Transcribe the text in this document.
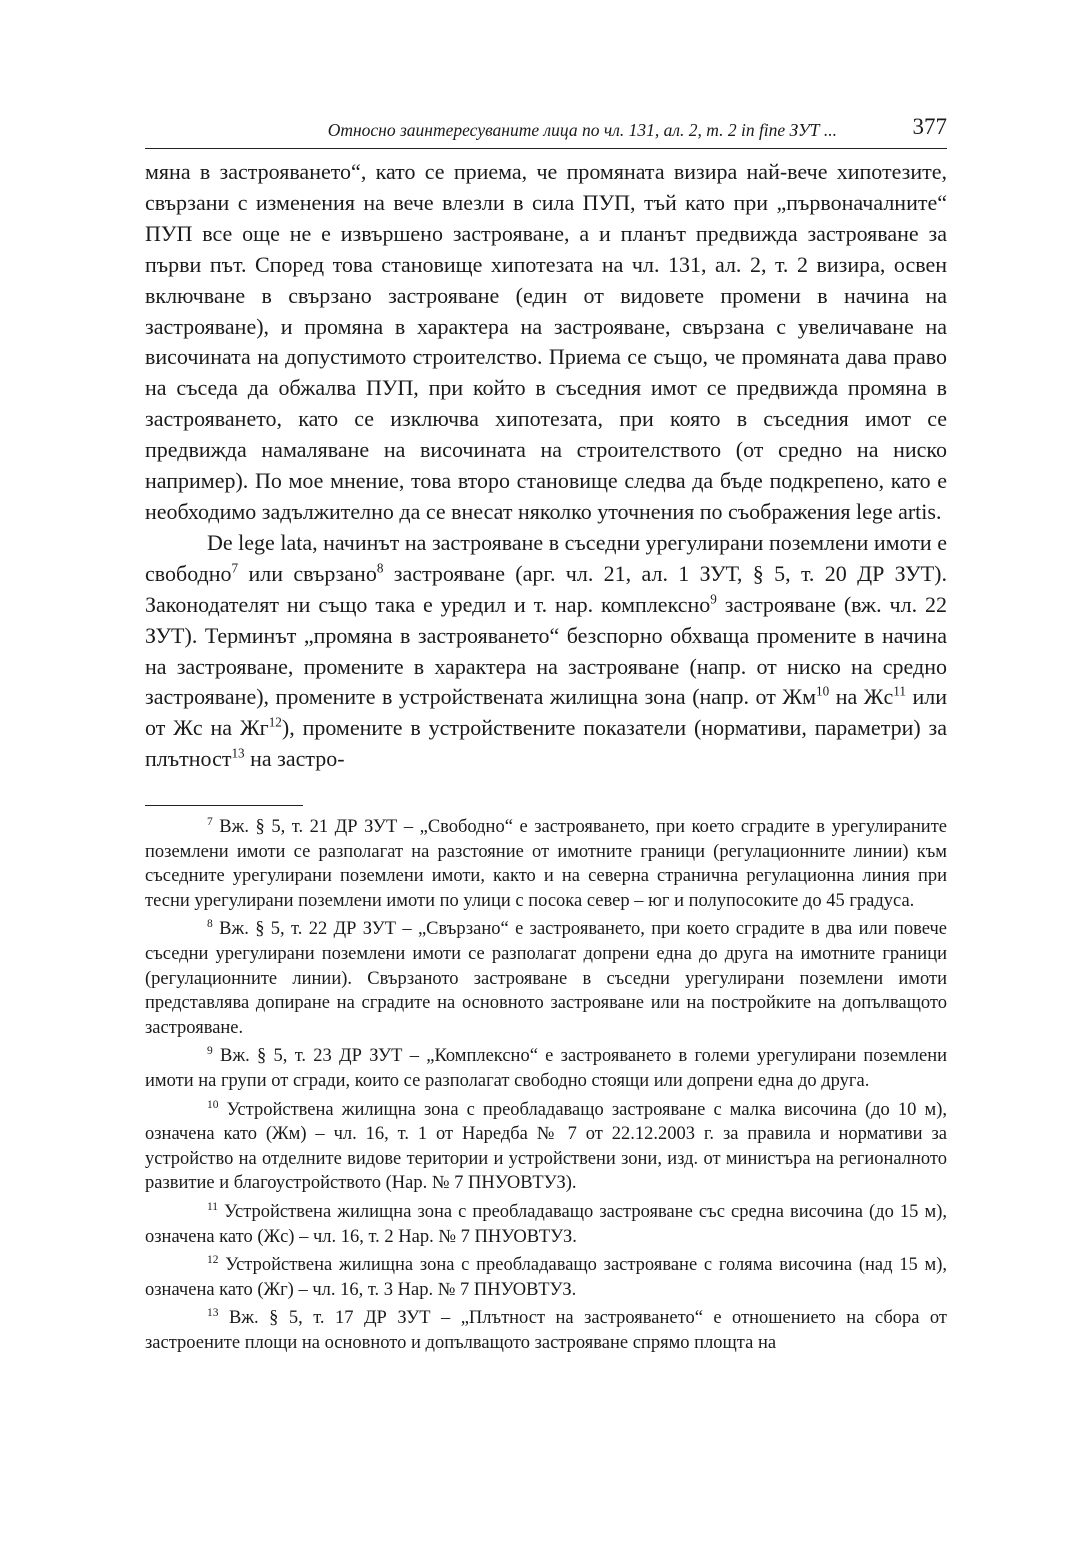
Относно заинтересуваните лица по чл. 131, ал. 2, т. 2 in fine ЗУТ ...	377

мяна в застрояването“, като се приема, че промяната визира най-вече хипотезите, свързани с изменения на вече влезли в сила ПУП, тъй като при „първоначалните“ ПУП все още не е извършено застрояване, а и планът предвижда застрояване за първи път. Според това становище хипотезата на чл. 131, ал. 2, т. 2 визира, освен включване в свързано застрояване (един от видовете промени в начина на застрояване), и промяна в характера на застрояване, свързана с увеличаване на височината на допустимото строителство. Приема се също, че промяната дава право на съседа да обжалва ПУП, при който в съседния имот се предвижда промяна в застрояването, като се изключва хипотезата, при която в съседния имот се предвижда намаляване на височината на строителството (от средно на ниско например). По мое мнение, това второ становище следва да бъде подкрепено, като е необходимо задължително да се внесат няколко уточнения по съображения lege artis.

De lege lata, начинът на застрояване в съседни урегулирани поземлени имоти е свободно$^7$ или свързано$^8$ застрояване (арг. чл. 21, ал. 1 ЗУТ, § 5, т. 20 ДР ЗУТ). Законодателят ни също така е уредил и т. нар. комплексно$^9$ застрояване (вж. чл. 22 ЗУТ). Терминът „промяна в застрояването“ безспорно обхваща промените в начина на застрояване, промените в характера на застрояване (напр. от ниско на средно застрояване), промените в устройствената жилищна зона (напр. от $Жм^{10}$ на $Жс^{11}$ или от Жс на $Жг^{12}$), промените в устройствените показатели (нормативи, параметри) за плътност$^{13}$ на застро-

$^7$ Вж. § 5, т. 21 ДР ЗУТ – „Свободно“ е застрояването, при което сградите в урегулираните поземлени имоти се разполагат на разстояние от имотните граници (регулационните линии) към съседните урегулирани поземлени имоти, както и на северна странична регулационна линия при тесни урегулирани поземлени имоти по улици с посока север – юг и полупосоките до 45 градуса.

$^8$ Вж. § 5, т. 22 ДР ЗУТ – „Свързано“ е застрояването, при което сградите в два или повече съседни урегулирани поземлени имоти се разполагат допрени една до друга на имотните граници (регулационните линии). Свързаното застрояване в съседни урегулирани поземлени имоти представлява допиране на сградите на основното застрояване или на постройките на допълващото застрояване.

$^9$ Вж. § 5, т. 23 ДР ЗУТ – „Комплексно“ е застрояването в големи урегулирани поземлени имоти на групи от сгради, които се разполагат свободно стоящи или допрени една до друга.

$^{10}$ Устройствена жилищна зона с преобладаващо застрояване с малка височина (до 10 м), означена като (Жм) – чл. 16, т. 1 от Наредба № 7 от 22.12.2003 г. за правила и нормативи за устройство на отделните видове територии и устройствени зони, изд. от министъра на регионалното развитие и благоустройството (Нар. № 7 ПНУОВТУЗ).

$^{11}$ Устройствена жилищна зона с преобладаващо застрояване със средна височина (до 15 м), означена като (Жс) – чл. 16, т. 2 Нар. № 7 ПНУОВТУЗ.

$^{12}$ Устройствена жилищна зона с преобладаващо застрояване с голяма височина (над 15 м), означена като (Жг) – чл. 16, т. 3 Нар. № 7 ПНУОВТУЗ.

$^{13}$ Вж. § 5, т. 17 ДР ЗУТ – „Плътност на застрояването“ е отношението на сбора от застроените площи на основното и допълващото застрояване спрямо площта на
